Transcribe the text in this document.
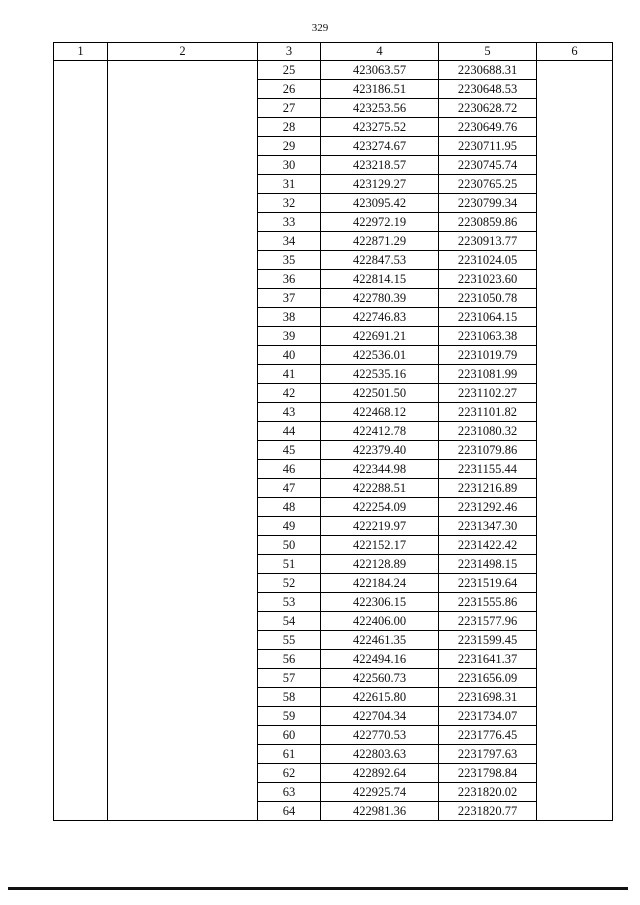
329
1	2	3	4	5	6
		25	423063.57	2230688.31	
		26	423186.51	2230648.53	
		27	423253.56	2230628.72	
		28	423275.52	2230649.76	
		29	423274.67	2230711.95	
		30	423218.57	2230745.74	
		31	423129.27	2230765.25	
		32	423095.42	2230799.34	
		33	422972.19	2230859.86	
		34	422871.29	2230913.77	
		35	422847.53	2231024.05	
		36	422814.15	2231023.60	
		37	422780.39	2231050.78	
		38	422746.83	2231064.15	
		39	422691.21	2231063.38	
		40	422536.01	2231019.79	
		41	422535.16	2231081.99	
		42	422501.50	2231102.27	
		43	422468.12	2231101.82	
		44	422412.78	2231080.32	
		45	422379.40	2231079.86	
		46	422344.98	2231155.44	
		47	422288.51	2231216.89	
		48	422254.09	2231292.46	
		49	422219.97	2231347.30	
		50	422152.17	2231422.42	
		51	422128.89	2231498.15	
		52	422184.24	2231519.64	
		53	422306.15	2231555.86	
		54	422406.00	2231577.96	
		55	422461.35	2231599.45	
		56	422494.16	2231641.37	
		57	422560.73	2231656.09	
		58	422615.80	2231698.31	
		59	422704.34	2231734.07	
		60	422770.53	2231776.45	
		61	422803.63	2231797.63	
		62	422892.64	2231798.84	
		63	422925.74	2231820.02	
		64	422981.36	2231820.77	
